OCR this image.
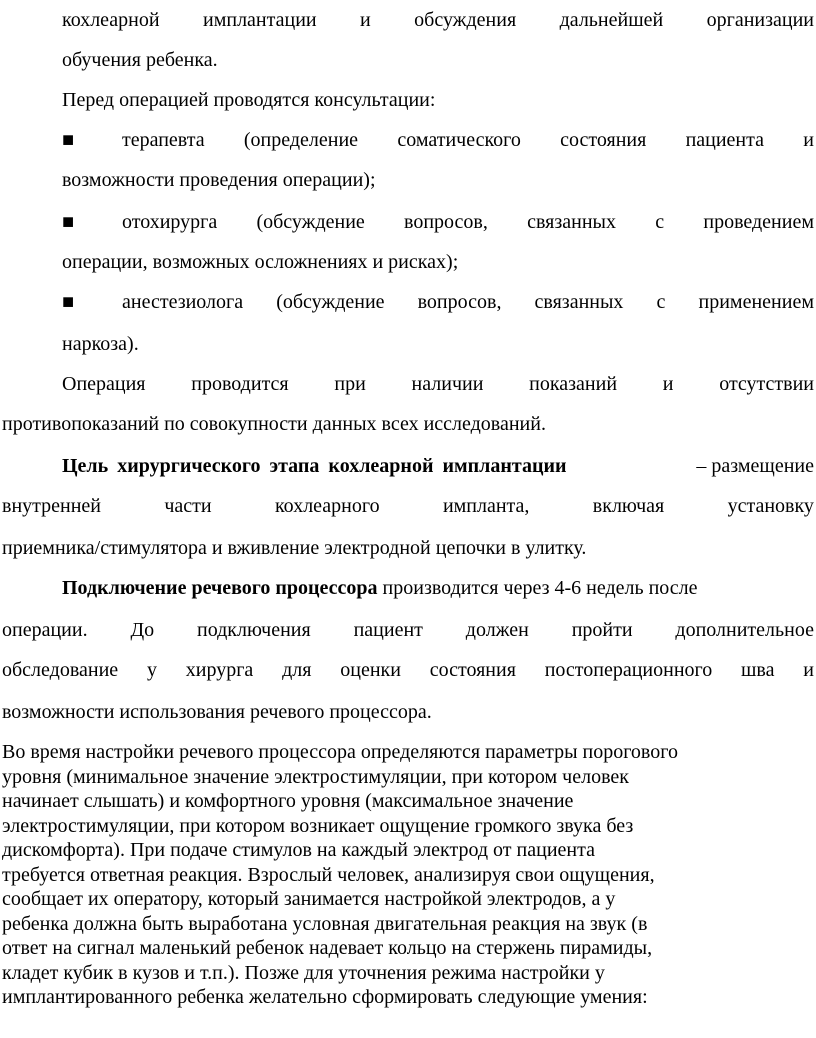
кохлеарной имплантации и обсуждения дальнейшей организации
обучения ребенка.
Перед операцией проводятся консультации:
■ терапевта (определение соматического состояния пациента и
возможности проведения операции);
■ отохирурга (обсуждение вопросов, связанных с проведением
операции, возможных осложнениях и рисках);
■ анестезиолога (обсуждение вопросов, связанных с применением
наркоза).
Операция проводится при наличии показаний и отсутствии
противопоказаний по совокупности данных всех исследований.
Цель хирургического этапа кохлеарной имплантации	– размещение
внутренней	части	кохлеарного	импланта,	включая	установку
приемника/стимулятора и вживление электродной цепочки в улитку.
Подключение речевого процессора производится через 4-6 недель после
операции. До подключения пациент должен пройти дополнительное
обследование у хирурга для оценки состояния постоперационного шва и
возможности использования речевого процессора.
Во время настройки речевого процессора определяются параметры порогового
уровня (минимальное значение электростимуляции, при котором человек
начинает слышать) и комфортного уровня (максимальное значение
электростимуляции, при котором возникает ощущение громкого звука без
дискомфорта). При подаче стимулов на каждый электрод от пациента
требуется ответная реакция. Взрослый человек, анализируя свои ощущения,
сообщает их оператору, который занимается настройкой электродов, а у
ребенка должна быть выработана условная двигательная реакция на звук (в
ответ на сигнал маленький ребенок надевает кольцо на стержень пирамиды,
кладет кубик в кузов и т.п.). Позже для уточнения режима настройки у
имплантированного ребенка желательно сформировать следующие умения:
